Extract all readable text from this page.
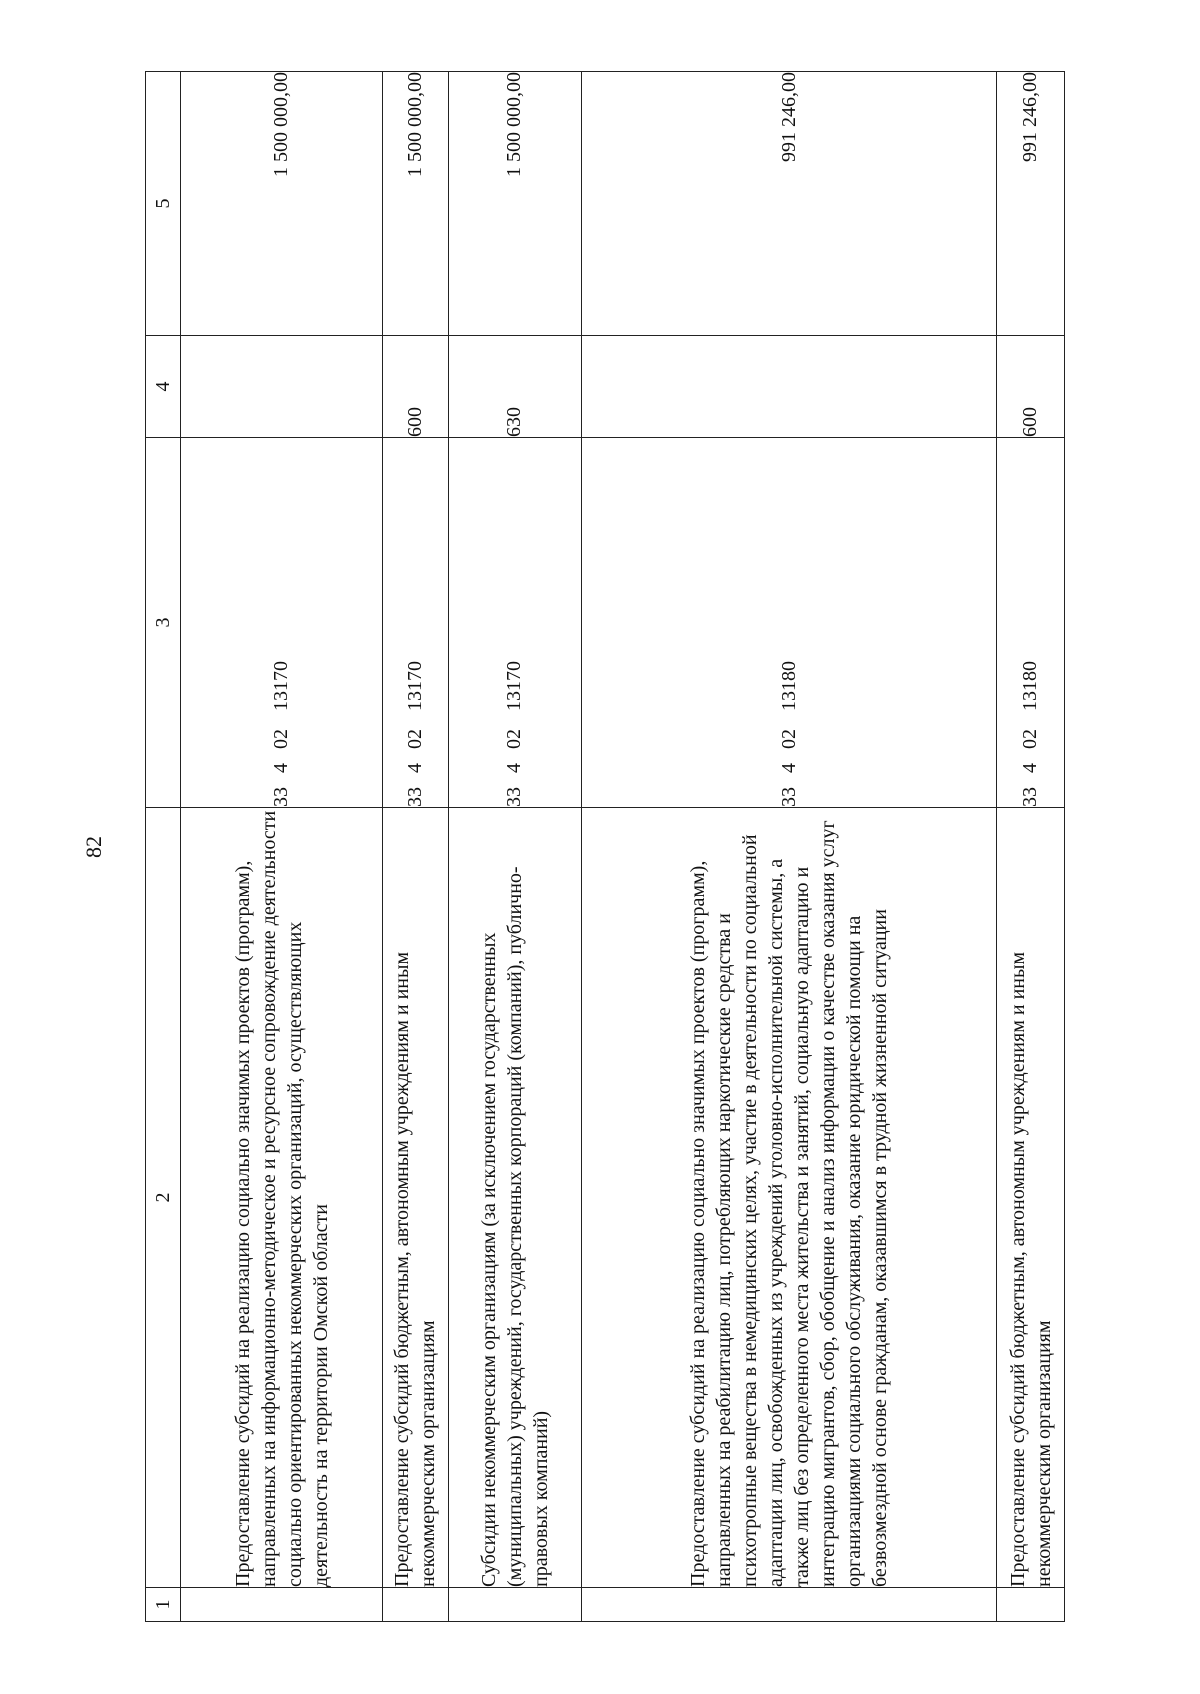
82
1	2	3	4	5

	Предоставление субсидий на реализацию социально значимых проектов (программ), направленных на информационно-методическое и ресурсное сопровождение деятельности социально ориентированных некоммерческих организаций, осуществляющих деятельность на территории Омской области	3340213170		1 500 000,00

	Предоставление субсидий бюджетным, автономным учреждениям и иным некоммерческим организациям	3340213170	600	1 500 000,00

	Субсидии некоммерческим организациям (за исключением государственных (муниципальных) учреждений, государственных корпораций (компаний), публично-правовых компаний)	3340213170	630	1 500 000,00

	Предоставление субсидий на реализацию социально значимых проектов (программ), направленных на реабилитацию лиц, потребляющих наркотические средства и психотропные вещества в немедицинских целях, участие в деятельности по социальной адаптации лиц, освобожденных из учреждений уголовно-исполнительной системы, а также лиц без определенного места жительства и занятий, социальную адаптацию и интеграцию мигрантов, сбор, обобщение и анализ информации о качестве оказания услуг организациями социального обслуживания, оказание юридической помощи на безвозмездной основе гражданам, оказавшимся в трудной жизненной ситуации	3340213180		991 246,00

	Предоставление субсидий бюджетным, автономным учреждениям и иным некоммерческим организациям	3340213180	600	991 246,00
